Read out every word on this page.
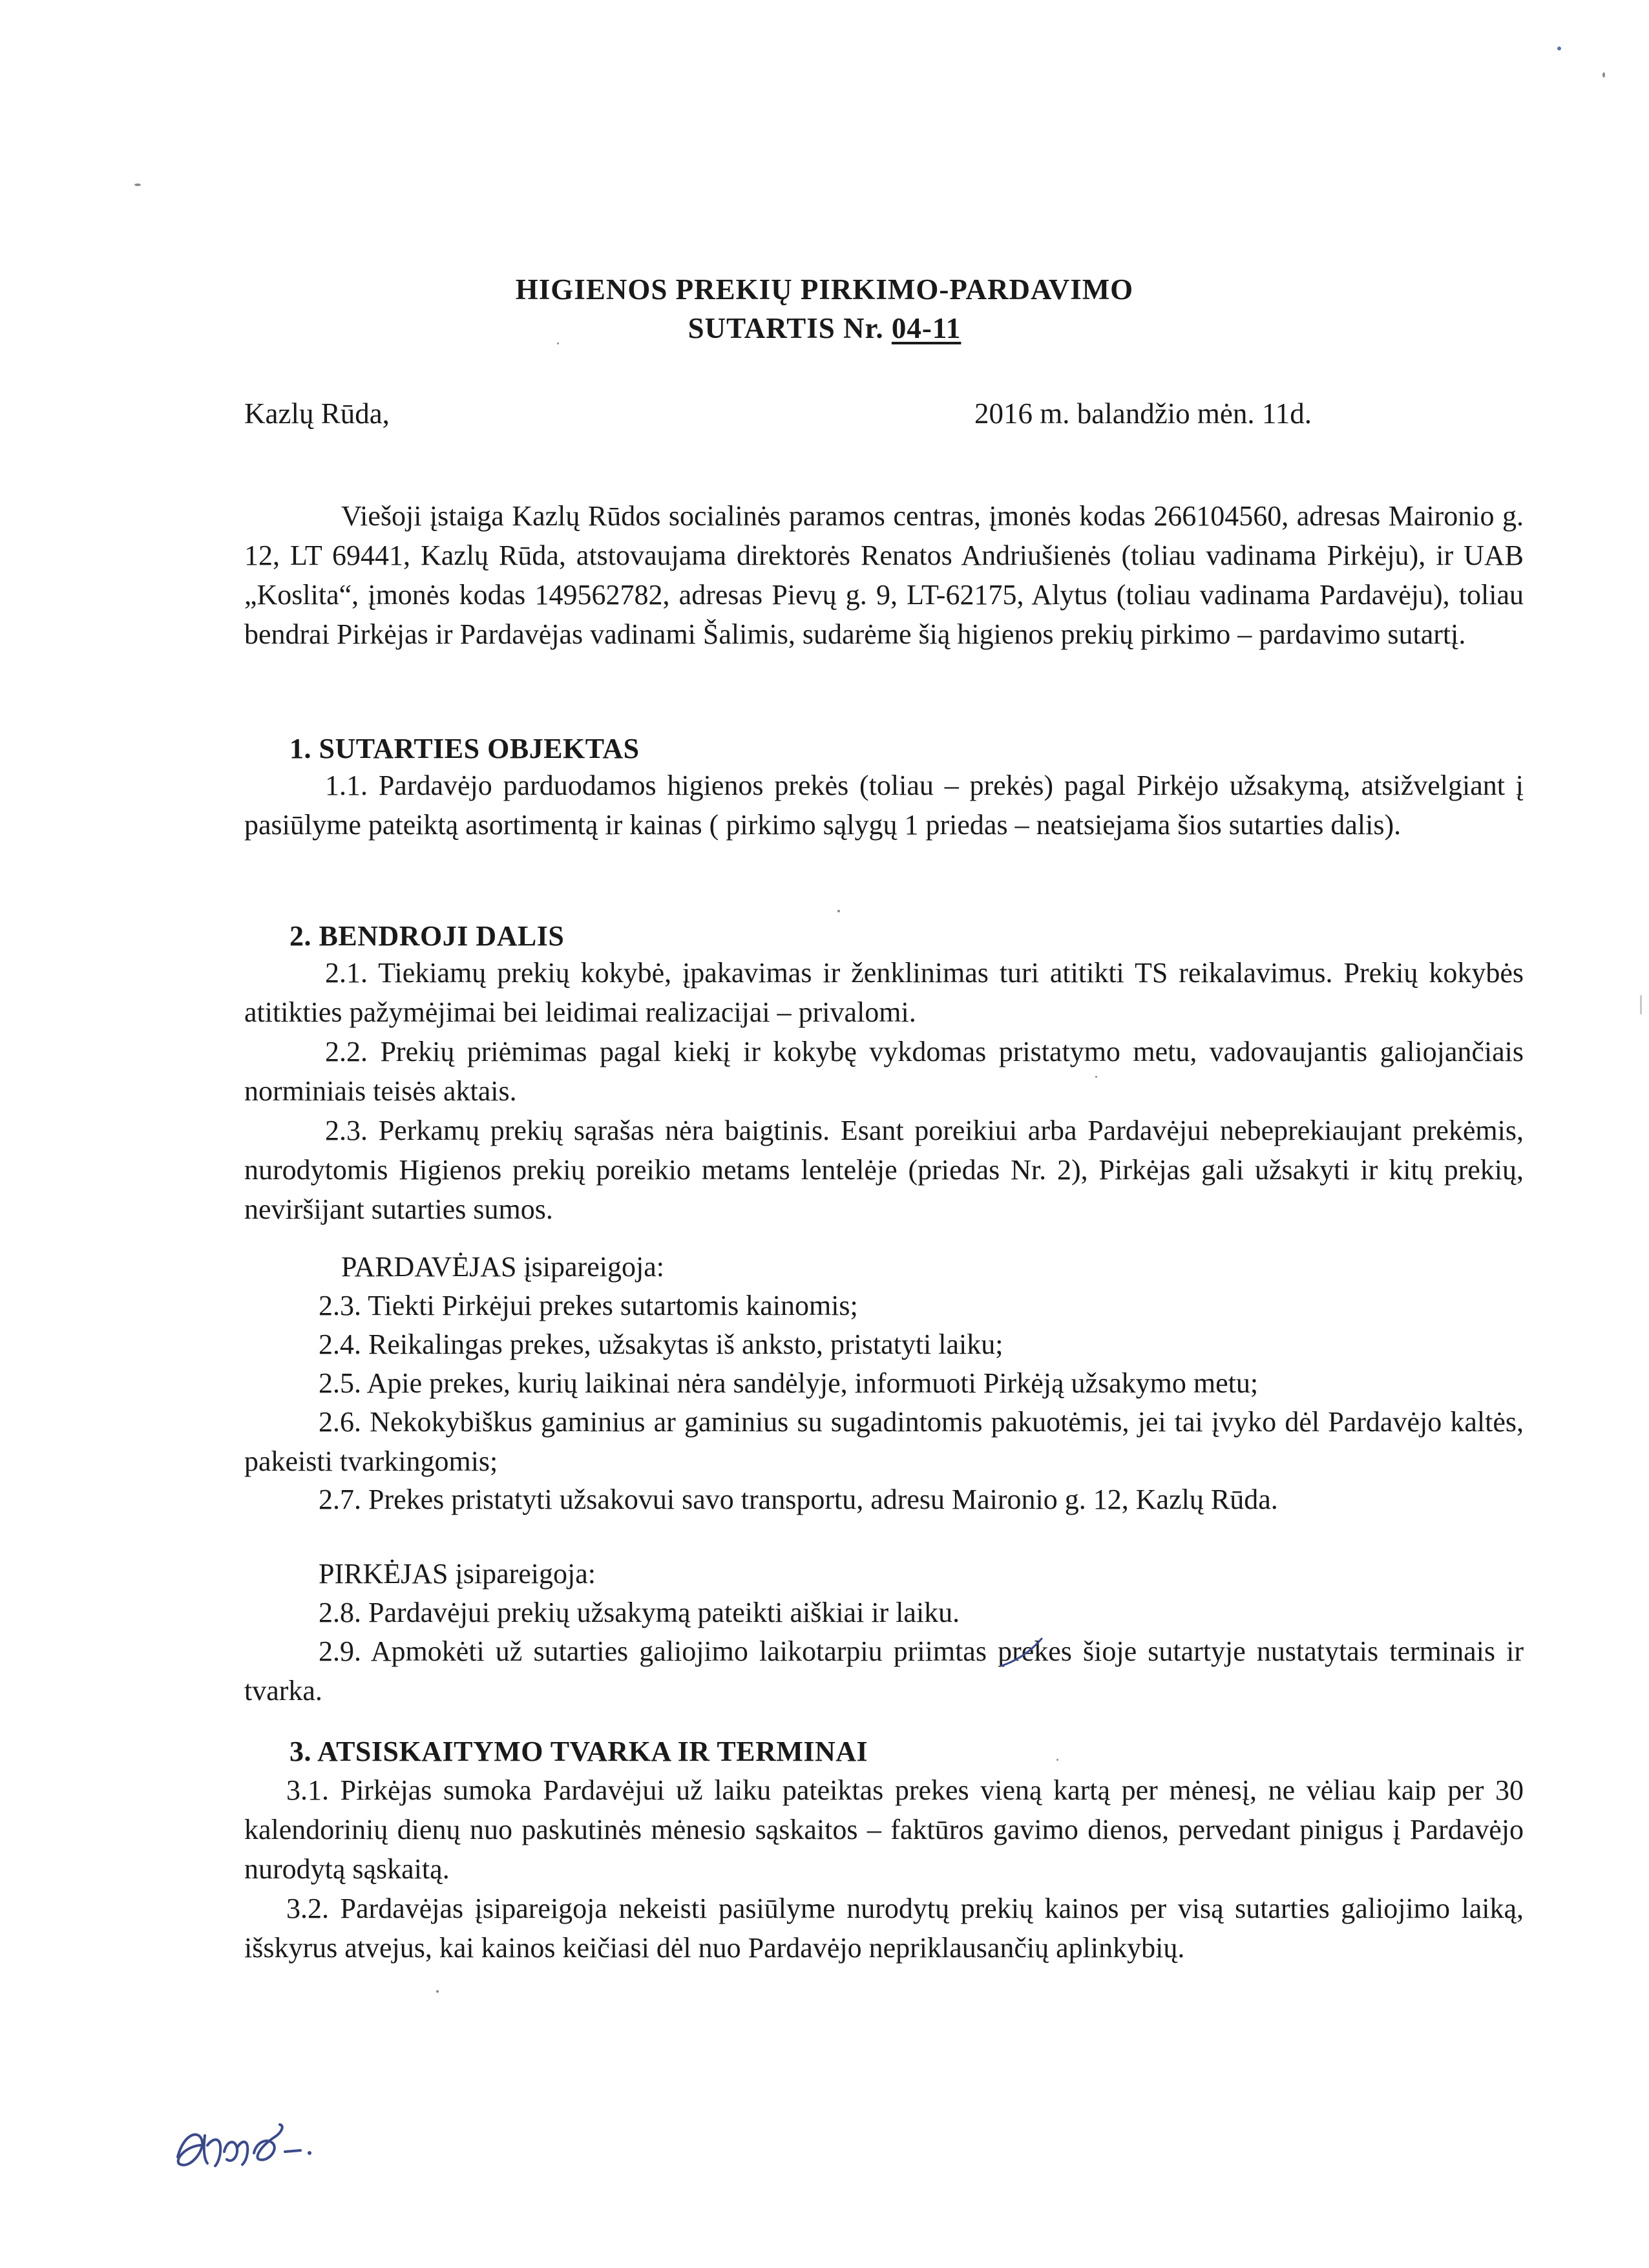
HIGIENOS PREKIŲ PIRKIMO-PARDAVIMO
SUTARTIS Nr. 04-11
Kazlų Rūda,	2016 m. balandžio mėn. 11d.

Viešoji įstaiga Kazlų Rūdos socialinės paramos centras, įmonės kodas 266104560, adresas Maironio g. 12, LT 69441, Kazlų Rūda, atstovaujama direktorės Renatos Andriušienės (toliau vadinama Pirkėju), ir UAB „Koslita“, įmonės kodas 149562782, adresas Pievų g. 9, LT-62175, Alytus (toliau vadinama Pardavėju), toliau bendrai Pirkėjas ir Pardavėjas vadinami Šalimis, sudarėme šią higienos prekių pirkimo – pardavimo sutartį.

1. SUTARTIES OBJEKTAS

1.1. Pardavėjo parduodamos higienos prekės (toliau – prekės) pagal Pirkėjo užsakymą, atsižvelgiant į pasiūlyme pateiktą asortimentą ir kainas ( pirkimo sąlygų 1 priedas – neatsiejama šios sutarties dalis).

2. BENDROJI DALIS

2.1. Tiekiamų prekių kokybė, įpakavimas ir ženklinimas turi atitikti TS reikalavimus. Prekių kokybės atitikties pažymėjimai bei leidimai realizacijai – privalomi.

2.2. Prekių priėmimas pagal kiekį ir kokybę vykdomas pristatymo metu, vadovaujantis galiojančiais norminiais teisės aktais.

2.3. Perkamų prekių sąrašas nėra baigtinis. Esant poreikiui arba Pardavėjui nebeprekiaujant prekėmis, nurodytomis Higienos prekių poreikio metams lentelėje (priedas Nr. 2), Pirkėjas gali užsakyti ir kitų prekių, neviršijant sutarties sumos.

PARDAVĖJAS įsipareigoja:
2.3. Tiekti Pirkėjui prekes sutartomis kainomis;
2.4. Reikalingas prekes, užsakytas iš anksto, pristatyti laiku;
2.5. Apie prekes, kurių laikinai nėra sandėlyje, informuoti Pirkėją užsakymo metu;

2.6. Nekokybiškus gaminius ar gaminius su sugadintomis pakuotėmis, jei tai įvyko dėl Pardavėjo kaltės, pakeisti tvarkingomis;

2.7. Prekes pristatyti užsakovui savo transportu, adresu Maironio g. 12, Kazlų Rūda.
PIRKĖJAS įsipareigoja:
2.8. Pardavėjui prekių užsakymą pateikti aiškiai ir laiku.

2.9. Apmokėti už sutarties galiojimo laikotarpiu priimtas prekes šioje sutartyje nustatytais terminais ir tvarka.

3. ATSISKAITYMO TVARKA IR TERMINAI

3.1. Pirkėjas sumoka Pardavėjui už laiku pateiktas prekes vieną kartą per mėnesį, ne vėliau kaip per 30 kalendorinių dienų nuo paskutinės mėnesio sąskaitos – faktūros gavimo dienos, pervedant pinigus į Pardavėjo nurodytą sąskaitą.

3.2. Pardavėjas įsipareigoja nekeisti pasiūlyme nurodytų prekių kainos per visą sutarties galiojimo laiką, išskyrus atvejus, kai kainos keičiasi dėl nuo Pardavėjo nepriklausančių aplinkybių.
